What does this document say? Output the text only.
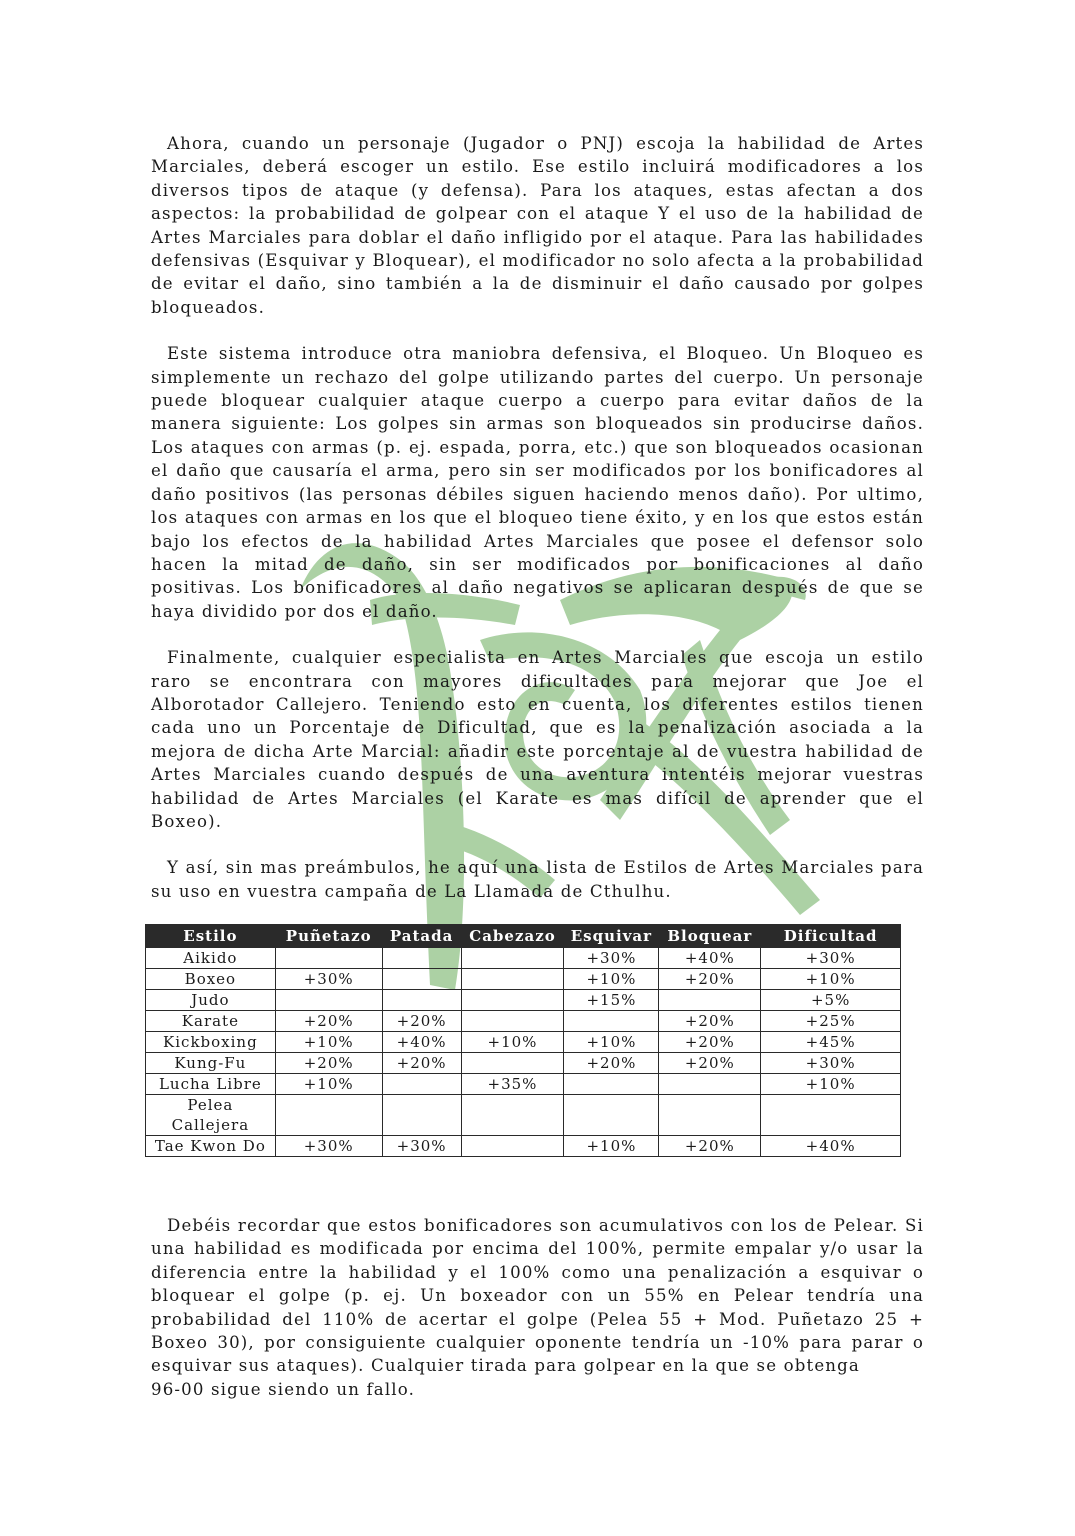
Ahora, cuando un personaje (Jugador o PNJ) escoja la habilidad de Artes Marciales, deberá escoger un estilo. Ese estilo incluirá modificadores a los diversos tipos de ataque (y defensa). Para los ataques, estas afectan a dos aspectos: la probabilidad de golpear con el ataque Y el uso de la habilidad de Artes Marciales para doblar el daño infligido por el ataque. Para las habilidades defensivas (Esquivar y Bloquear), el modificador no solo afecta a la probabilidad de evitar el daño, sino también a la de disminuir el daño causado por golpes bloqueados.

Este sistema introduce otra maniobra defensiva, el Bloqueo. Un Bloqueo es simplemente un rechazo del golpe utilizando partes del cuerpo. Un personaje puede bloquear cualquier ataque cuerpo a cuerpo para evitar daños de la manera siguiente: Los golpes sin armas son bloqueados sin producirse daños. Los ataques con armas (p. ej. espada, porra, etc.) que son bloqueados ocasionan el daño que causaría el arma, pero sin ser modificados por los bonificadores al daño positivos (las personas débiles siguen haciendo menos daño). Por ultimo, los ataques con armas en los que el bloqueo tiene éxito, y en los que estos están bajo los efectos de la habilidad Artes Marciales que posee el defensor solo hacen la mitad de daño, sin ser modificados por bonificaciones al daño positivas. Los bonificadores al daño negativos se aplicaran después de que se haya dividido por dos el daño.

Finalmente, cualquier especialista en Artes Marciales que escoja un estilo raro se encontrara con mayores dificultades para mejorar que Joe el Alborotador Callejero. Teniendo esto en cuenta, los diferentes estilos tienen cada uno un Porcentaje de Dificultad, que es la penalización asociada a la mejora de dicha Arte Marcial: añadir este porcentaje al de vuestra habilidad de Artes Marciales cuando después de una aventura intentéis mejorar vuestras habilidad de Artes Marciales (el Karate es mas difícil de aprender que el Boxeo).

Y así, sin mas preámbulos, he aquí una lista de Estilos de Artes Marciales para su uso en vuestra campaña de La Llamada de Cthulhu.

Estilo	Puñetazo	Patada	Cabezazo	Esquivar	Bloquear	Dificultad
Aikido				+30%	+40%	+30%
Boxeo	+30%			+10%	+20%	+10%
Judo				+15%		+5%
Karate	+20%	+20%			+20%	+25%
Kickboxing	+10%	+40%	+10%	+10%	+20%	+45%
Kung-Fu	+20%	+20%		+20%	+20%	+30%
Lucha Libre	+10%		+35%			+10%
Pelea Callejera						
Tae Kwon Do	+30%	+30%		+10%	+20%	+40%

Debéis recordar que estos bonificadores son acumulativos con los de Pelear. Si una habilidad es modificada por encima del 100%, permite empalar y/o usar la diferencia entre la habilidad y el 100% como una penalización a esquivar o bloquear el golpe (p. ej. Un boxeador con un 55% en Pelear tendría una probabilidad del 110% de acertar el golpe (Pelea 55 + Mod. Puñetazo 25 + Boxeo 30), por consiguiente cualquier oponente tendría un -10% para parar o esquivar sus ataques). Cualquier tirada para golpear en la que se obtenga

96-00 sigue siendo un fallo.
